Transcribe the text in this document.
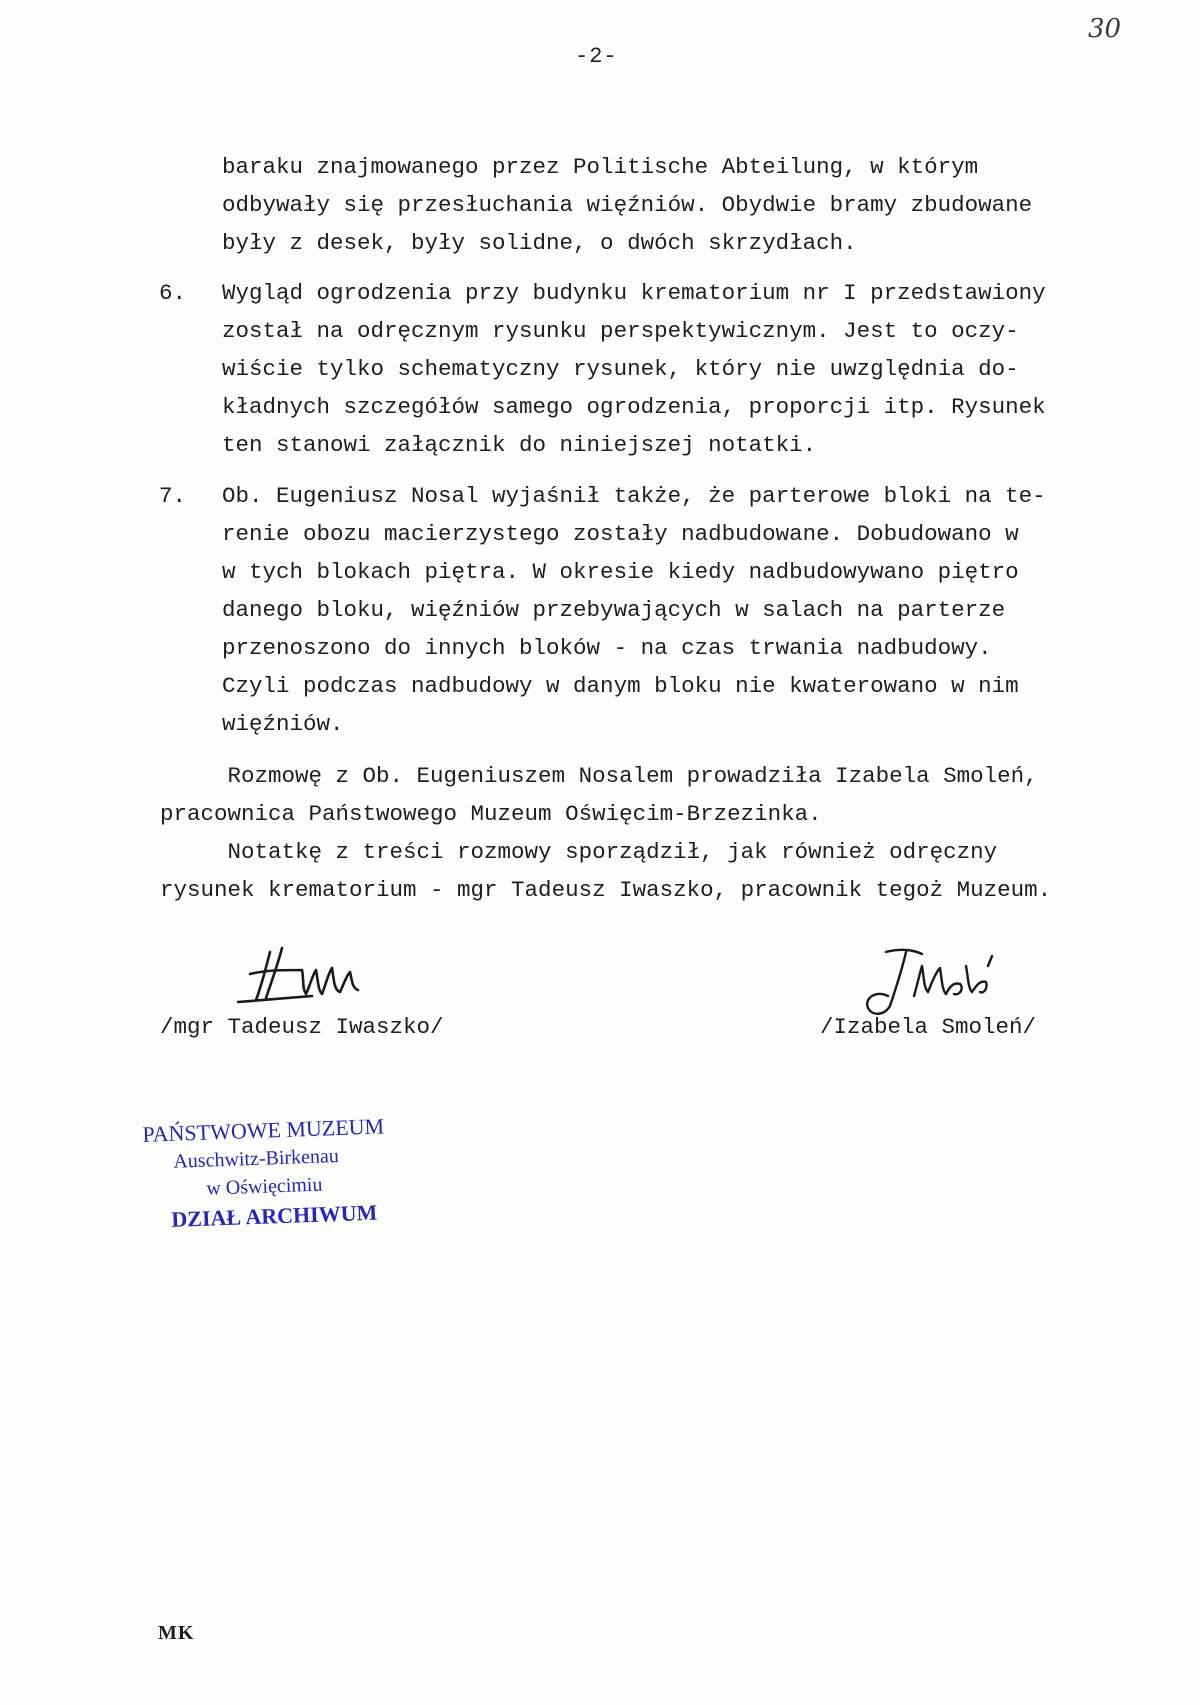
30
-2-
baraku znajmowanego przez Politische Abteilung, w którym
odbywały się przesłuchania więźniów. Obydwie bramy zbudowane
były z desek, były solidne, o dwóch skrzydłach.
6. Wygląd ogrodzenia przy budynku krematorium nr I przedstawiony
został na odręcznym rysunku perspektywicznym. Jest to oczy-
wiście tylko schematyczny rysunek, który nie uwzględnia do-
kładnych szczegółów samego ogrodzenia, proporcji itp. Rysunek
ten stanowi załącznik do niniejszej notatki.
7. Ob. Eugeniusz Nosal wyjaśnił także, że parterowe bloki na te-
renie obozu macierzystego zostały nadbudowane. Dobudowano w
w tych blokach piętra. W okresie kiedy nadbudowywano piętro
danego bloku, więźniów przebywających w salach na parterze
przenoszono do innych bloków - na czas trwania nadbudowy.
Czyli podczas nadbudowy w danym bloku nie kwaterowano w nim
więźniów.
Rozmowę z Ob. Eugeniuszem Nosalem prowadziła Izabela Smoleń,
pracownica Państwowego Muzeum Oświęcim-Brzezinka.
Notatkę z treści rozmowy sporządził, jak również odręczny
rysunek krematorium - mgr Tadeusz Iwaszko, pracownik tegoż Muzeum.
/mgr Tadeusz Iwaszko/	/Izabela Smoleń/
PAŃSTWOWE MUZEUM
Auschwitz-Birkenau
w Oświęcimiu
DZIAŁ ARCHIWUM
MK
